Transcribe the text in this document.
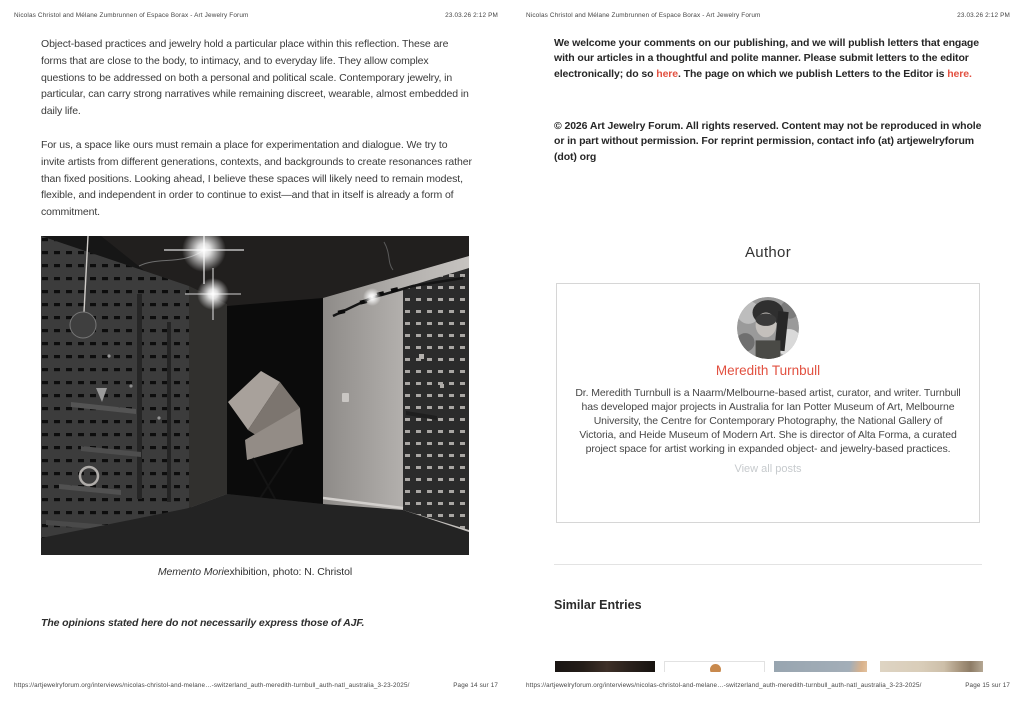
Nicolas Christol and Mélane Zumbrunnen of Espace Borax - Art Jewelry Forum	23.03.26 2:12 PM

Object-based practices and jewelry hold a particular place within this reflection. These are forms that are close to the body, to intimacy, and to everyday life. They allow complex questions to be addressed on both a personal and political scale. Contemporary jewelry, in particular, can carry strong narratives while remaining discreet, wearable, almost embedded in daily life.

For us, a space like ours must remain a place for experimentation and dialogue. We try to invite artists from different generations, contexts, and backgrounds to create resonances rather than fixed positions. Looking ahead, I believe these spaces will likely need to remain modest, flexible, and independent in order to continue to exist—and that in itself is already a form of commitment.

Memento Moriexhibition, photo: N. Christol

The opinions stated here do not necessarily express those of AJF.

https://artjewelryforum.org/interviews/nicolas-christol-and-melane…-switzerland_auth-meredith-turnbull_auth-natl_australia_3-23-2025/	Page 14 sur 17
Nicolas Christol and Mélane Zumbrunnen of Espace Borax - Art Jewelry Forum	23.03.26 2:12 PM

We welcome your comments on our publishing, and we will publish letters that engage with our articles in a thoughtful and polite manner. Please submit letters to the editor electronically; do so here. The page on which we publish Letters to the Editor is here.

© 2026 Art Jewelry Forum. All rights reserved. Content may not be reproduced in whole or in part without permission. For reprint permission, contact info (at) artjewelryforum (dot) org

Author
Meredith Turnbull

Dr. Meredith Turnbull is a Naarm/Melbourne-based artist, curator, and writer. Turnbull has developed major projects in Australia for Ian Potter Museum of Art, Melbourne University, the Centre for Contemporary Photography, the National Gallery of Victoria, and Heide Museum of Modern Art. She is director of Alta Forma, a curated project space for artist working in expanded object- and jewelry-based practices.

View all posts
Similar Entries
https://artjewelryforum.org/interviews/nicolas-christol-and-melane…-switzerland_auth-meredith-turnbull_auth-natl_australia_3-23-2025/	Page 15 sur 17
